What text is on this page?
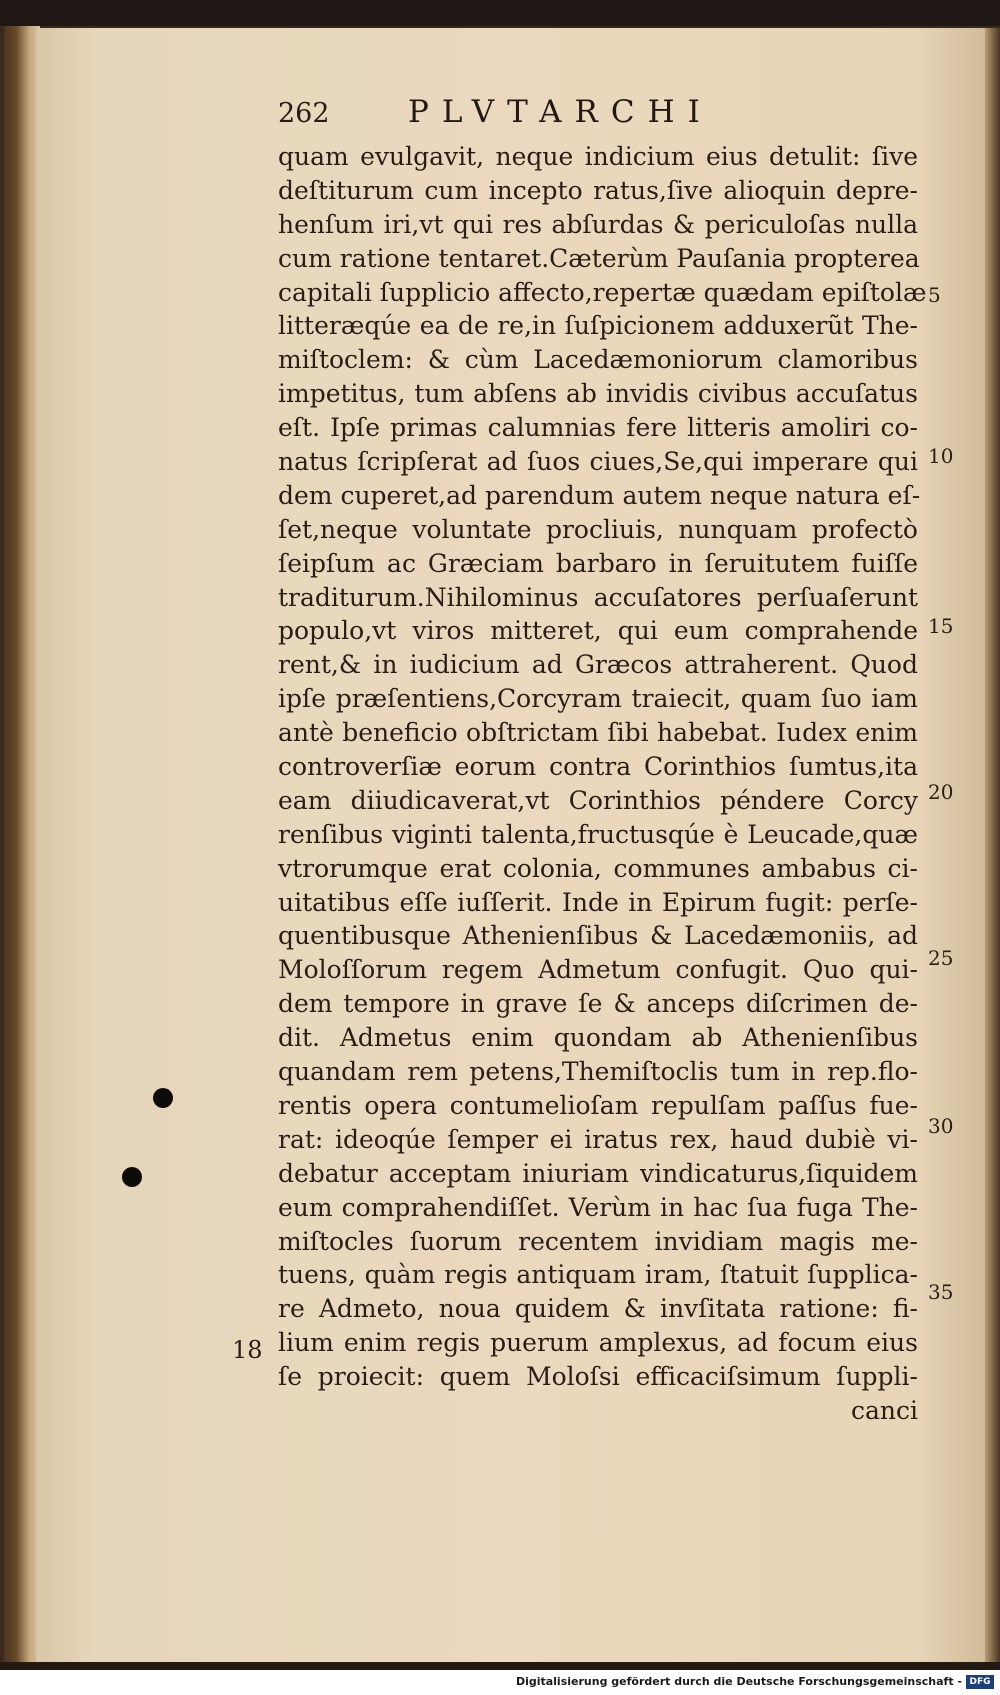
262	PLVTARCHI
quam evulgavit, neque indicium eius detulit: ſive
deſtiturum cum incepto ratus,ſive alioquin depre-
henſum iri,vt qui res abſurdas & periculoſas nulla
cum ratione tentaret.Cæterùm Pauſania propterea
capitali ſupplicio affecto,repertæ quædam epiſtolæ
litteræqúe ea de re,in ſuſpicionem adduxerũt The-
miſtoclem: & cùm Lacedæmoniorum clamoribus
impetitus, tum abſens ab invidis civibus accuſatus
eſt. Ipſe primas calumnias fere litteris amoliri co-
natus ſcripſerat ad ſuos ciues,Se,qui imperare qui
dem cuperet,ad parendum autem neque natura eſ-
ſet,neque voluntate procliuis, nunquam profectò
ſeipſum ac Græciam barbaro in ſeruitutem fuiſſe
traditurum.Nihilominus accuſatores perſuaſerunt
populo,vt viros mitteret, qui eum comprahende
rent,& in iudicium ad Græcos attraherent. Quod
ipſe præſentiens,Corcyram traiecit, quam ſuo iam
antè beneficio obſtrictam ſibi habebat. Iudex enim
controverſiæ eorum contra Corinthios ſumtus,ita
eam diiudicaverat,vt Corinthios péndere Corcy
renſibus viginti talenta,fructusqúe è Leucade,quæ
vtrorumque erat colonia, communes ambabus ci-
uitatibus eſſe iuſſerit. Inde in Epirum fugit: perſe-
quentibusque Athenienſibus & Lacedæmoniis, ad
Moloſſorum regem Admetum confugit. Quo qui-
dem tempore in grave ſe & anceps diſcrimen de-
dit. Admetus enim quondam ab Athenienſibus
quandam rem petens,Themiſtoclis tum in rep.flo-
rentis opera contumelioſam repulſam paſſus fue-
rat: ideoqúe ſemper ei iratus rex, haud dubiè vi-
debatur acceptam iniuriam vindicaturus,ſiquidem
eum comprahendiſſet. Verùm in hac ſua fuga The-
miſtocles ſuorum recentem invidiam magis me-
tuens, quàm regis antiquam iram, ſtatuit ſupplica-
re Admeto, noua quidem & invſitata ratione: fi-
lium enim regis puerum amplexus, ad focum eius
ſe proiecit: quem Moloſsi efficaciſsimum ſuppli-
canci
5
10
15
20
25
30
35
18
Digitalisierung gefördert durch die Deutsche Forschungsgemeinschaft - DFG
